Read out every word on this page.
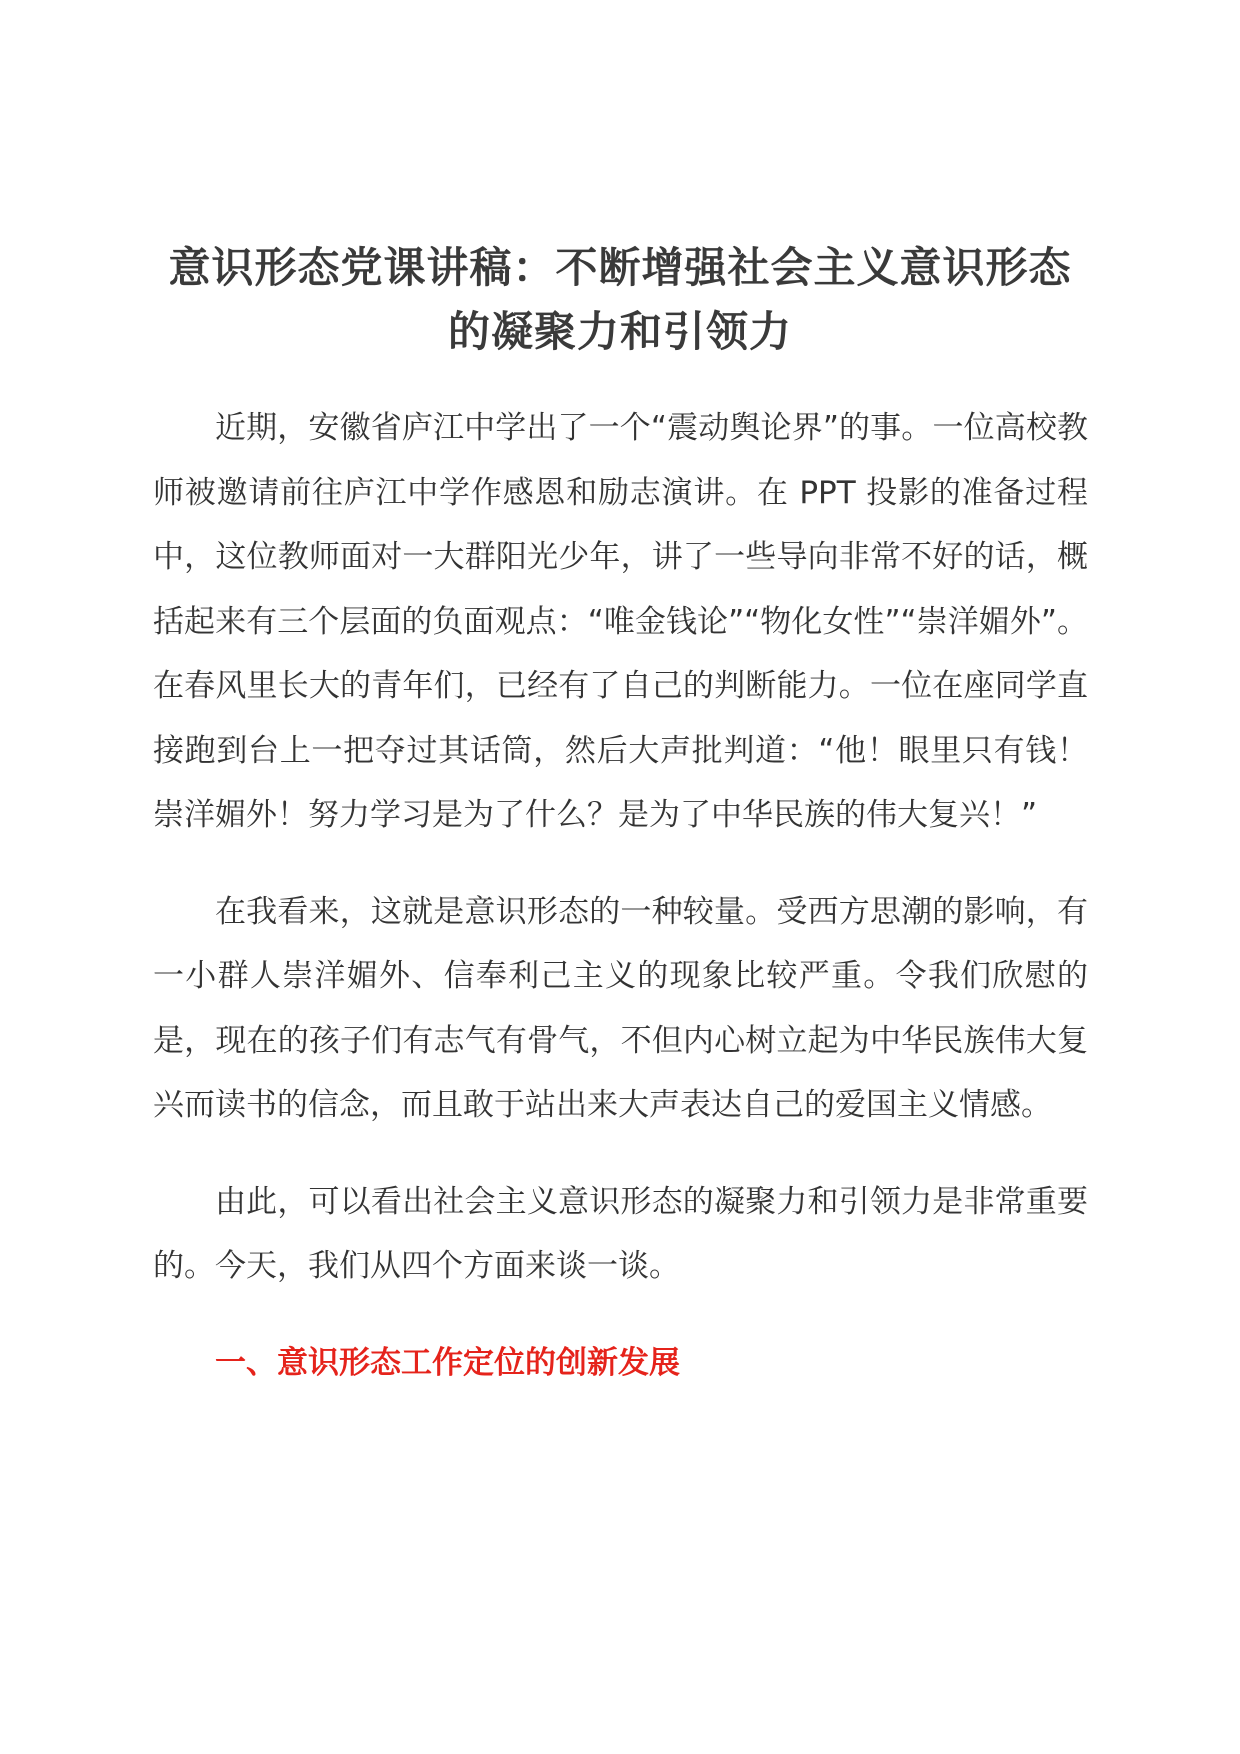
意识形态党课讲稿：不断增强社会主义意识形态的凝聚力和引领力

近期，安徽省庐江中学出了一个“震动舆论界”的事。一位高校教师被邀请前往庐江中学作感恩和励志演讲。在 PPT 投影的准备过程中，这位教师面对一大群阳光少年，讲了一些导向非常不好的话，概括起来有三个层面的负面观点：“唯金钱论”“物化女性”“崇洋媚外”。在春风里长大的青年们，已经有了自己的判断能力。一位在座同学直接跑到台上一把夺过其话筒，然后大声批判道：“他！眼里只有钱！崇洋媚外！努力学习是为了什么？是为了中华民族的伟大复兴！”

在我看来，这就是意识形态的一种较量。受西方思潮的影响，有一小群人崇洋媚外、信奉利己主义的现象比较严重。令我们欣慰的是，现在的孩子们有志气有骨气，不但内心树立起为中华民族伟大复兴而读书的信念，而且敢于站出来大声表达自己的爱国主义情感。

由此，可以看出社会主义意识形态的凝聚力和引领力是非常重要的。今天，我们从四个方面来谈一谈。

一、意识形态工作定位的创新发展
